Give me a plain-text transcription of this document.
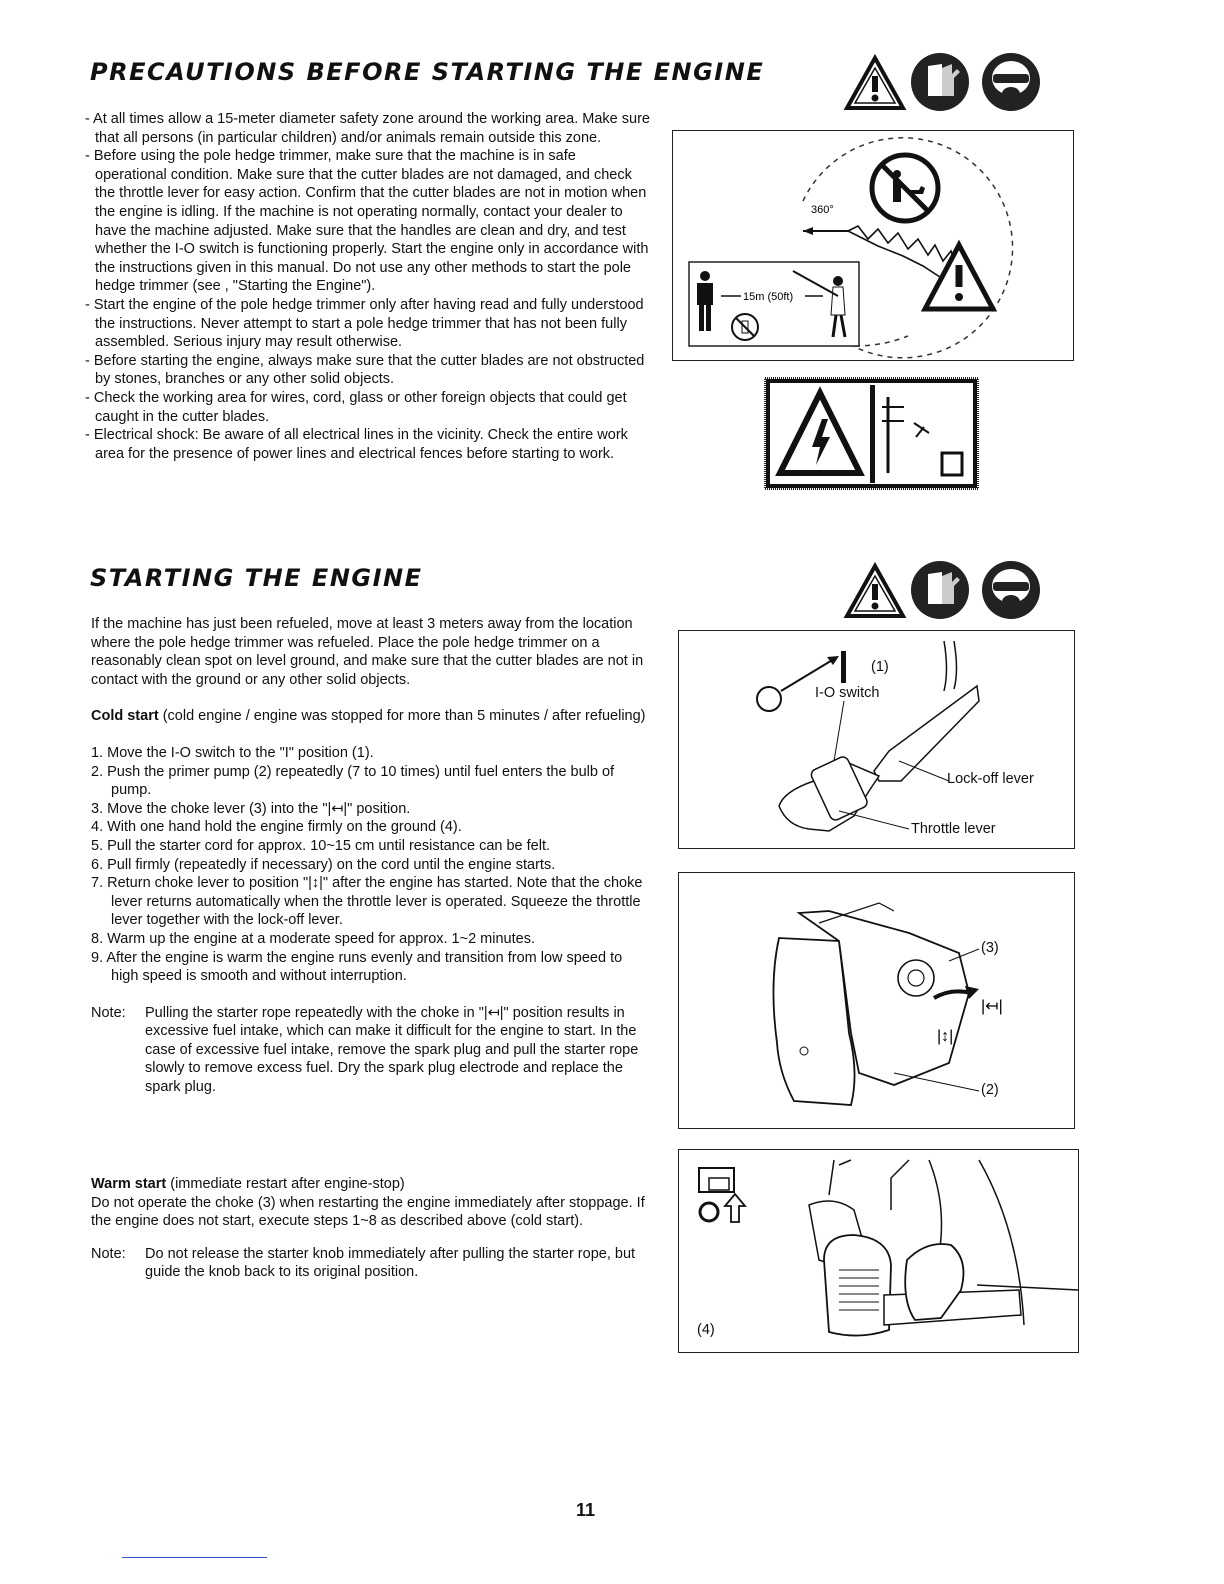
PRECAUTIONS BEFORE STARTING THE ENGINE

- At all times allow a 15-meter diameter safety zone around the working area. Make sure that all persons (in particular children) and/or animals remain outside this zone.

- Before using the pole hedge trimmer, make sure that the machine is in safe operational condition. Make sure that the cutter blades are not damaged, and check the throttle lever for easy action. Confirm that the cutter blades are not in motion when the engine is idling. If the machine is not operating normally, contact your dealer to have the machine adjusted. Make sure that the handles are clean and dry, and test whether the I-O switch is functioning properly. Start the engine only in accordance with the instructions given in this manual. Do not use any other methods to start the pole hedge trimmer (see , "Starting the Engine").

- Start the engine of the pole hedge trimmer only after having read and fully understood the instructions. Never attempt to start a pole hedge trimmer that has not been fully assembled. Serious injury may result otherwise.

- Before starting the engine, always make sure that the cutter blades are not obstructed by stones, branches or any other solid objects.

- Check the working area for wires, cord, glass or other foreign objects that could get caught in the cutter blades.

- Electrical shock: Be aware of all electrical lines in the vicinity. Check the entire work area for the presence of power lines and electrical fences before starting to work.

360°
15m (50ft)
STARTING THE ENGINE

If the machine has just been refueled, move at least 3 meters away from the location where the pole hedge trimmer was refueled. Place the pole hedge trimmer on a reasonably clean spot on level ground, and make sure that the cutter blades are not in contact with the ground or any other solid objects.

Cold start (cold engine / engine was stopped for more than 5 minutes / after refueling)

1. Move the I-O switch to the "I" position (1).
2. Push the primer pump (2) repeatedly (7 to 10 times) until fuel enters the bulb of pump.
3. Move the choke lever (3) into the "|↤|" position.
4. With one hand hold the engine firmly on the ground (4).
5. Pull the starter cord for approx. 10~15 cm until resistance can be felt.
6. Pull firmly (repeatedly if necessary) on the cord until the engine starts.
7. Return choke lever to position "|↕|" after the engine has started. Note that the choke lever returns automatically when the throttle lever is operated. Squeeze the throttle lever together with the lock-off lever.
8. Warm up the engine at a moderate speed for approx. 1~2 minutes.
9. After the engine is warm the engine runs evenly and transition from low speed to high speed is smooth and without interruption.
Note:	Pulling the starter rope repeatedly with the choke in "|↤|" position results in excessive fuel intake, which can make it difficult for the engine to start. In the case of excessive fuel intake, remove the spark plug and pull the starter rope slowly to remove excess fuel. Dry the spark plug electrode and replace the spark plug.

Warm start (immediate restart after engine-stop)

Do not operate the choke (3) when restarting the engine immediately after stoppage. If the engine does not start, execute steps 1~8 as described above (cold start).

Note:	Do not release the starter knob immediately after pulling the starter rope, but guide the knob back to its original position.
(1)
I-O switch
Lock-off lever
Throttle lever
|↤|
|↕|
(3)
(2)
(4)
11
